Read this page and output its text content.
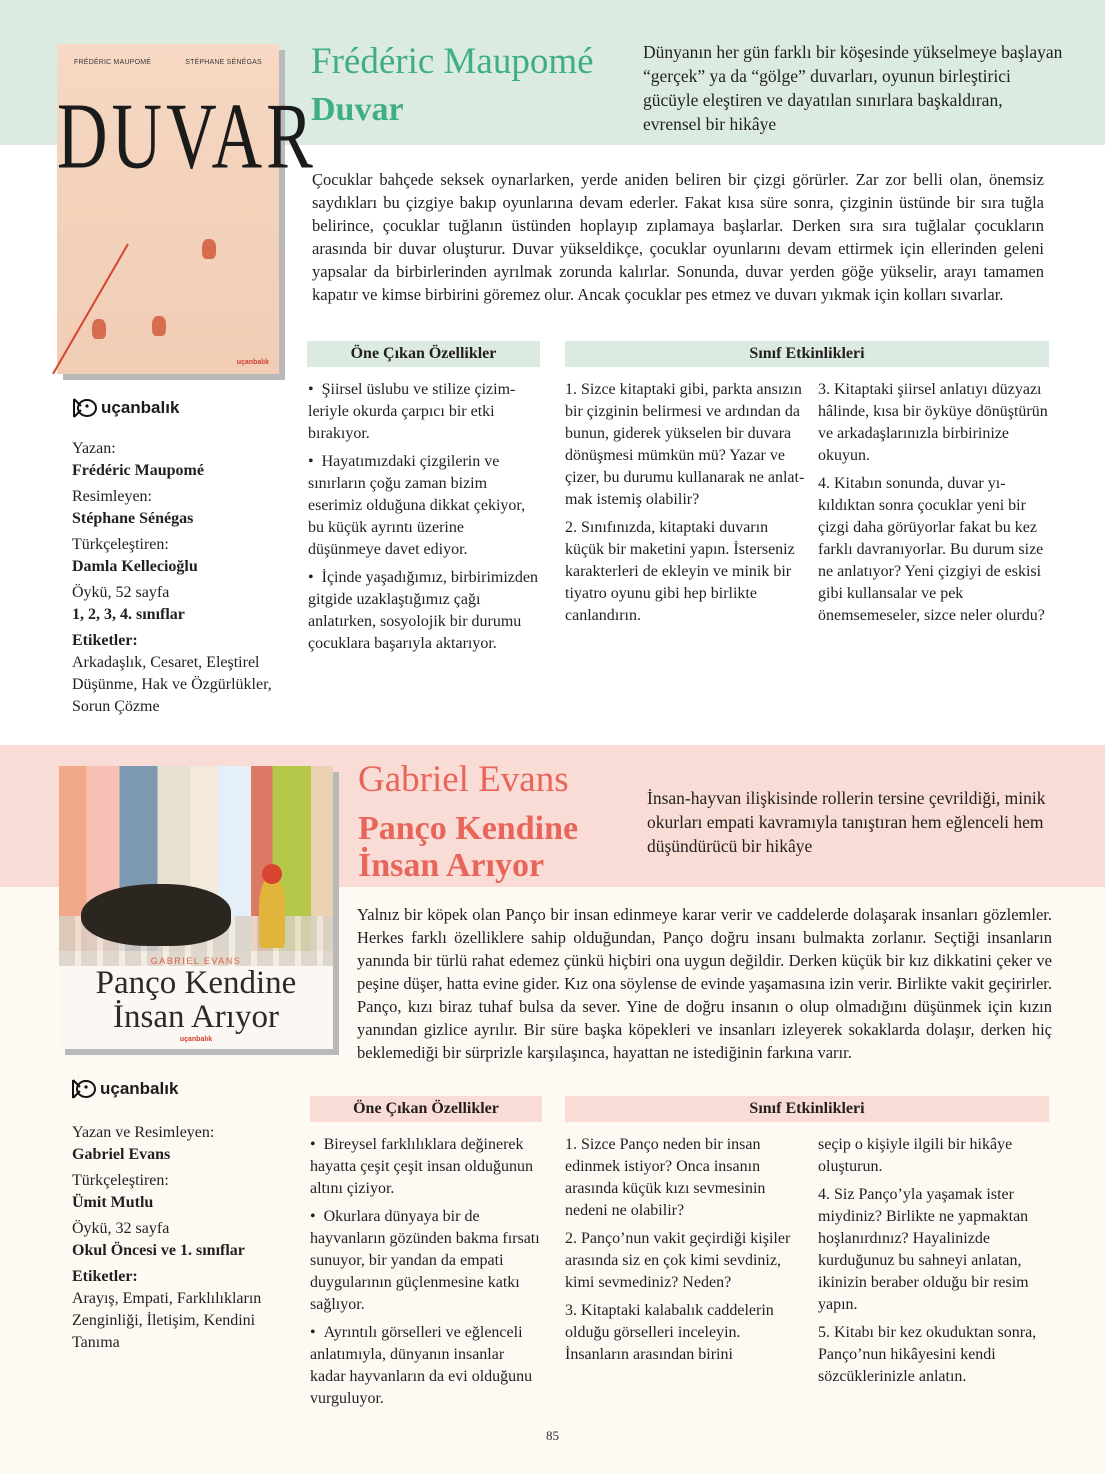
FRÉDÉRIC MAUPOMÉ	STÉPHANE SÉNÉGAS
DUVAR
uçanbalık
Frédéric Maupomé
Duvar
Dünyanın her gün farklı bir köşesinde yükselmeye başlayan “gerçek” ya da “gölge” duvarları, oyunun birleştirici gücüyle eleştiren ve dayatılan sınırlara başkaldıran, evrensel bir hikâye
Çocuklar bahçede seksek oynarlarken, yerde aniden beliren bir çizgi görürler. Zar zor belli olan, önemsiz saydıkları bu çizgiye bakıp oyunlarına devam ederler. Fakat kısa süre sonra, çizginin üstünde bir sıra tuğla belirince, çocuklar tuğlanın üstünden hoplayıp zıplamaya başlarlar. Derken sıra sıra tuğlalar çocukların arasında bir duvar oluşturur. Duvar yükseldikçe, çocuklar oyunlarını devam ettirmek için ellerinden geleni yapsalar da birbirlerinden ayrılmak zorunda kalırlar. Sonunda, duvar yerden göğe yükselir, arayı tamamen kapatır ve kimse birbirini göremez olur. Ancak çocuklar pes etmez ve duvarı yıkmak için kolları sıvarlar.
uçanbalık
Yazan:
Frédéric Maupomé
Resimleyen:
Stéphane Sénégas
Türkçeleştiren:
Damla Kellecioğlu
Öykü, 52 sayfa
1, 2, 3, 4. sınıflar
Etiketler:
Arkadaşlık, Cesaret, Eleştirel Düşünme, Hak ve Özgürlükler, Sorun Çözme
Öne Çıkan Özellikler	Sınıf Etkinlikleri

•  Şiirsel üslubu ve stilize çizimleriyle okurda çarpıcı bir etki bırakıyor.

•  Hayatımızdaki çizgilerin ve sınırların çoğu zaman bizim eserimiz olduğuna dikkat çekiyor, bu küçük ayrıntı üzerine düşünmeye davet ediyor.

•  İçinde yaşadığımız, birbirimizden gitgide uzaklaştığımız çağı anlatırken, sosyolojik bir durumu çocuklara başarıyla aktarıyor.

1. Sizce kitaptaki gibi, parkta ansızın bir çizginin belirmesi ve ardından da bunun, giderek yükselen bir duvara dönüşmesi mümkün mü? Yazar ve çizer, bu durumu kullanarak ne anlatmak istemiş olabilir?

2. Sınıfınızda, kitaptaki duvarın küçük bir maketini yapın. İsterseniz karakterleri de ekleyin ve minik bir tiyatro oyunu gibi hep birlikte canlandırın.

3. Kitaptaki şiirsel anlatıyı düzyazı hâlinde, kısa bir öyküye dönüştürün ve arkadaşlarınızla birbirinize okuyun.

4. Kitabın sonunda, duvar yıkıldıktan sonra çocuklar yeni bir çizgi daha görüyorlar fakat bu kez farklı davranıyorlar. Bu durum size ne anlatıyor? Yeni çizgiyi de eskisi gibi kullansalar ve pek önemsemeseler, sizce neler olurdu?

GABRIEL EVANS
Panço Kendine İnsan Arıyor
uçanbalık
Gabriel Evans
Panço Kendine
İnsan Arıyor
İnsan-hayvan ilişkisinde rollerin tersine çevrildiği, minik okurları empati kavramıyla tanıştıran hem eğlenceli hem düşündürücü bir hikâye
Yalnız bir köpek olan Panço bir insan edinmeye karar verir ve caddelerde dolaşarak insanları gözlemler. Herkes farklı özelliklere sahip olduğundan, Panço doğru insanı bulmakta zorlanır. Seçtiği insanların yanında bir türlü rahat edemez çünkü hiçbiri ona uygun değildir. Derken küçük bir kız dikkatini çeker ve peşine düşer, hatta evine gider. Kız ona söylense de evinde yaşamasına izin verir. Birlikte vakit geçirirler. Panço, kızı biraz tuhaf bulsa da sever. Yine de doğru insanın o olup olmadığını düşünmek için kızın yanından gizlice ayrılır. Bir süre başka köpekleri ve insanları izleyerek sokaklarda dolaşır, derken hiç beklemediği bir sürprizle karşılaşınca, hayattan ne istediğinin farkına varır.
uçanbalık
Yazan ve Resimleyen:
Gabriel Evans
Türkçeleştiren:
Ümit Mutlu
Öykü, 32 sayfa
Okul Öncesi ve 1. sınıflar
Etiketler:
Arayış, Empati, Farklılıkların Zenginliği, İletişim, Kendini Tanıma
Öne Çıkan Özellikler	Sınıf Etkinlikleri

•  Bireysel farklılıklara değinerek hayatta çeşit çeşit insan olduğunun altını çiziyor.

•  Okurlara dünyaya bir de hayvanların gözünden bakma fırsatı sunuyor, bir yandan da empati duygularının güçlenmesine katkı sağlıyor.

•  Ayrıntılı görselleri ve eğlenceli anlatımıyla, dünyanın insanlar kadar hayvanların da evi olduğunu vurguluyor.

1. Sizce Panço neden bir insan edinmek istiyor? Onca insanın arasında küçük kızı sevmesinin nedeni ne olabilir?

2. Panço’nun vakit geçirdiği kişiler arasında siz en çok kimi sevdiniz, kimi sevmediniz? Neden?

3. Kitaptaki kalabalık caddelerin olduğu görselleri inceleyin. İnsanların arasından birini

seçip o kişiyle ilgili bir hikâye oluşturun.

4. Siz Panço’yla yaşamak ister miydiniz? Birlikte ne yapmaktan hoşlanırdınız? Hayalinizde kurduğunuz bu sahneyi anlatan, ikinizin beraber olduğu bir resim yapın.

5. Kitabı bir kez okuduktan sonra, Panço’nun hikâyesini kendi sözcüklerinizle anlatın.

85
